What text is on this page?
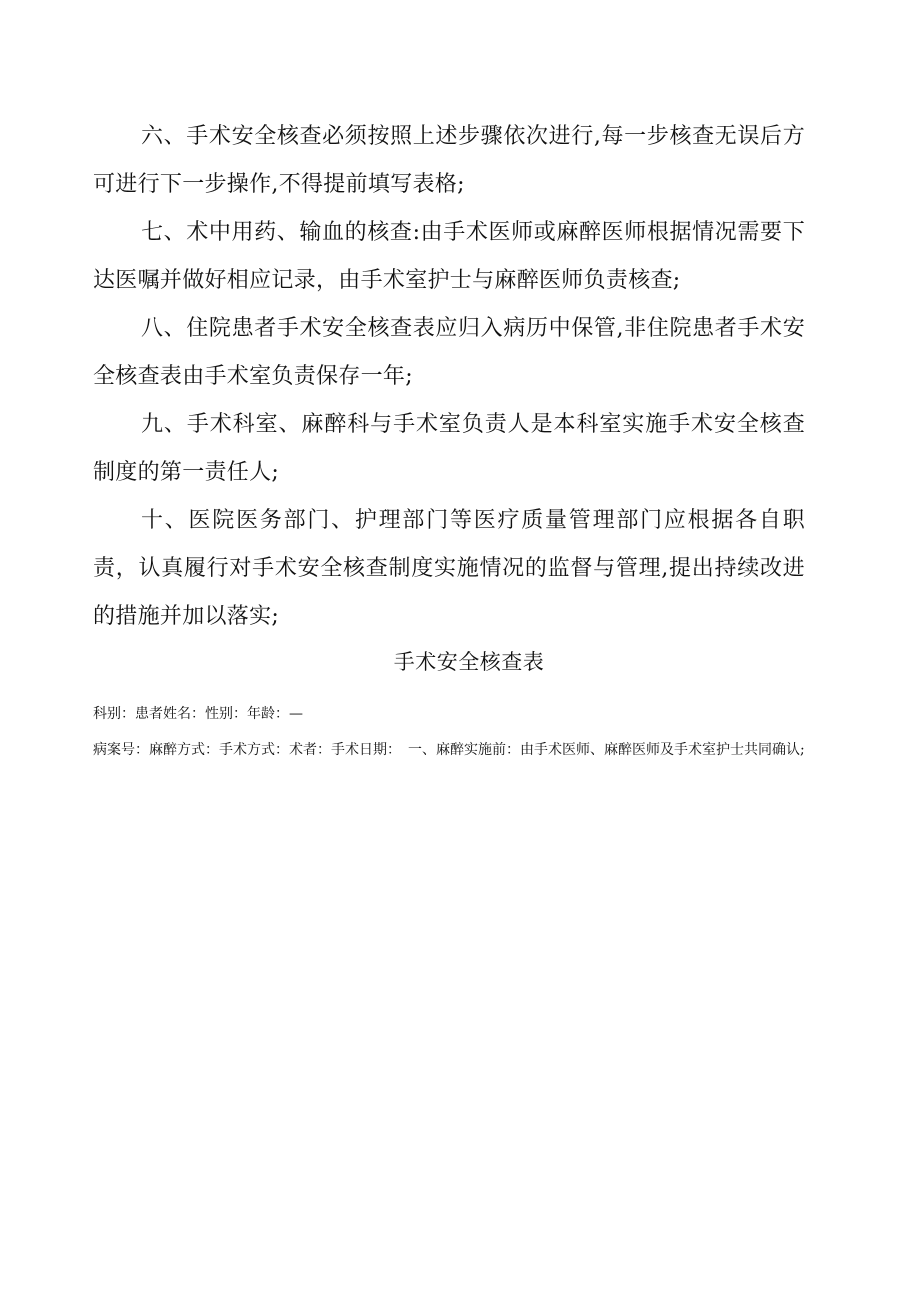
六、手术安全核查必须按照上述步骤依次进行,每一步核查无误后方可进行下一步操作,不得提前填写表格;

七、术中用药、输血的核查:由手术医师或麻醉医师根据情况需要下达医嘱并做好相应记录，由手术室护士与麻醉医师负责核查;

八、住院患者手术安全核查表应归入病历中保管,非住院患者手术安全核查表由手术室负责保存一年;

九、手术科室、麻醉科与手术室负责人是本科室实施手术安全核查制度的第一责任人;

十、医院医务部门、护理部门等医疗质量管理部门应根据各自职责，认真履行对手术安全核查制度实施情况的监督与管理,提出持续改进的措施并加以落实;

手术安全核查表

科别：患者姓名：性别：年龄：—

病案号：麻醉方式：手术方式：术者：手术日期：　一、麻醉实施前：由手术医师、麻醉医师及手术室护士共同确认;
